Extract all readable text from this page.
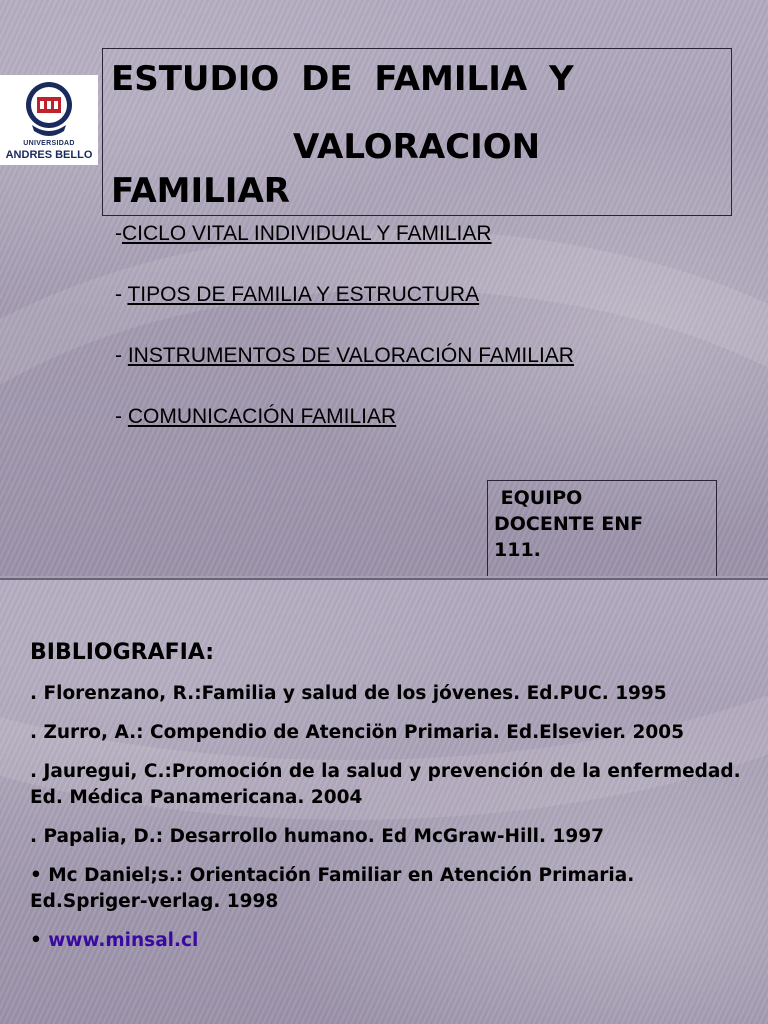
UNIVERSIDAD
ANDRES BELLO
ESTUDIO DE FAMILIA Y
VALORACION
FAMILIAR
-CICLO VITAL INDIVIDUAL Y FAMILIAR
- TIPOS DE FAMILIA Y ESTRUCTURA
- INSTRUMENTOS DE VALORACIÓN FAMILIAR
- COMUNICACIÓN FAMILIAR
EQUIPO
DOCENTE ENF
111.
BIBLIOGRAFIA:
. Florenzano, R.:Familia y salud de los jóvenes. Ed.PUC. 1995
. Zurro, A.: Compendio de Atenciön Primaria. Ed.Elsevier. 2005
. Jauregui, C.:Promoción de la salud y prevención de la enfermedad. Ed. Médica Panamericana. 2004
. Papalia, D.: Desarrollo humano. Ed McGraw-Hill. 1997
• Mc Daniel;s.: Orientación Familiar en Atención Primaria. Ed.Spriger-verlag. 1998
• www.minsal.cl
